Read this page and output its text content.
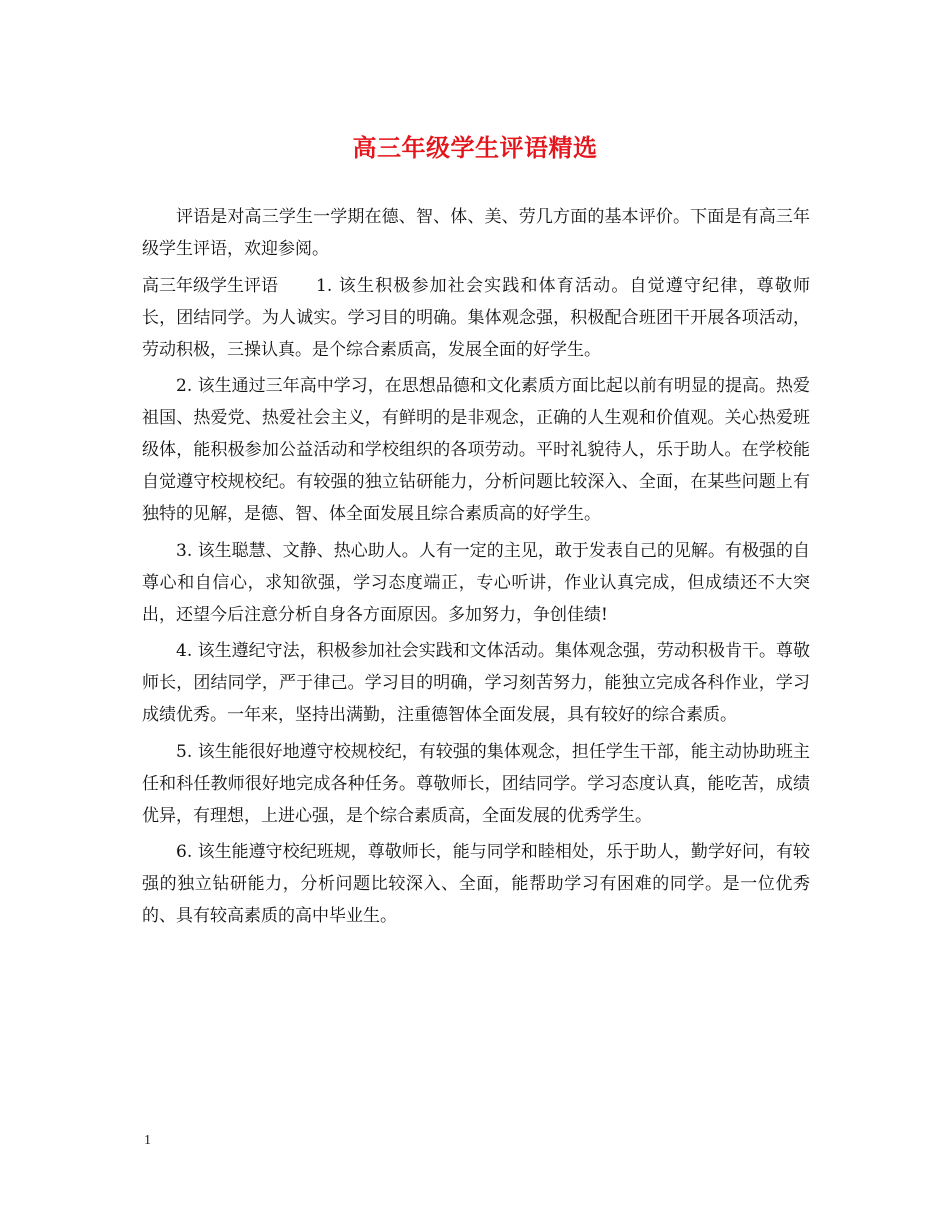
高三年级学生评语精选

评语是对高三学生一学期在德、智、体、美、劳几方面的基本评价。下面是有高三年级学生评语，欢迎参阅。

高三年级学生评语 1. 该生积极参加社会实践和体育活动。自觉遵守纪律，尊敬师长，团结同学。为人诚实。学习目的明确。集体观念强，积极配合班团干开展各项活动，劳动积极，三操认真。是个综合素质高，发展全面的好学生。

2. 该生通过三年高中学习，在思想品德和文化素质方面比起以前有明显的提高。热爱祖国、热爱党、热爱社会主义，有鲜明的是非观念，正确的人生观和价值观。关心热爱班级体，能积极参加公益活动和学校组织的各项劳动。平时礼貌待人，乐于助人。在学校能自觉遵守校规校纪。有较强的独立钻研能力，分析问题比较深入、全面，在某些问题上有独特的见解，是德、智、体全面发展且综合素质高的好学生。

3. 该生聪慧、文静、热心助人。人有一定的主见，敢于发表自己的见解。有极强的自尊心和自信心，求知欲强，学习态度端正，专心听讲，作业认真完成，但成绩还不大突出，还望今后注意分析自身各方面原因。多加努力，争创佳绩!

4. 该生遵纪守法，积极参加社会实践和文体活动。集体观念强，劳动积极肯干。尊敬师长，团结同学，严于律己。学习目的明确，学习刻苦努力，能独立完成各科作业，学习成绩优秀。一年来，坚持出满勤，注重德智体全面发展，具有较好的综合素质。

5. 该生能很好地遵守校规校纪，有较强的集体观念，担任学生干部，能主动协助班主任和科任教师很好地完成各种任务。尊敬师长，团结同学。学习态度认真，能吃苦，成绩优异，有理想，上进心强，是个综合素质高，全面发展的优秀学生。

6. 该生能遵守校纪班规，尊敬师长，能与同学和睦相处，乐于助人，勤学好问，有较强的独立钻研能力，分析问题比较深入、全面，能帮助学习有困难的同学。是一位优秀的、具有较高素质的高中毕业生。

1
